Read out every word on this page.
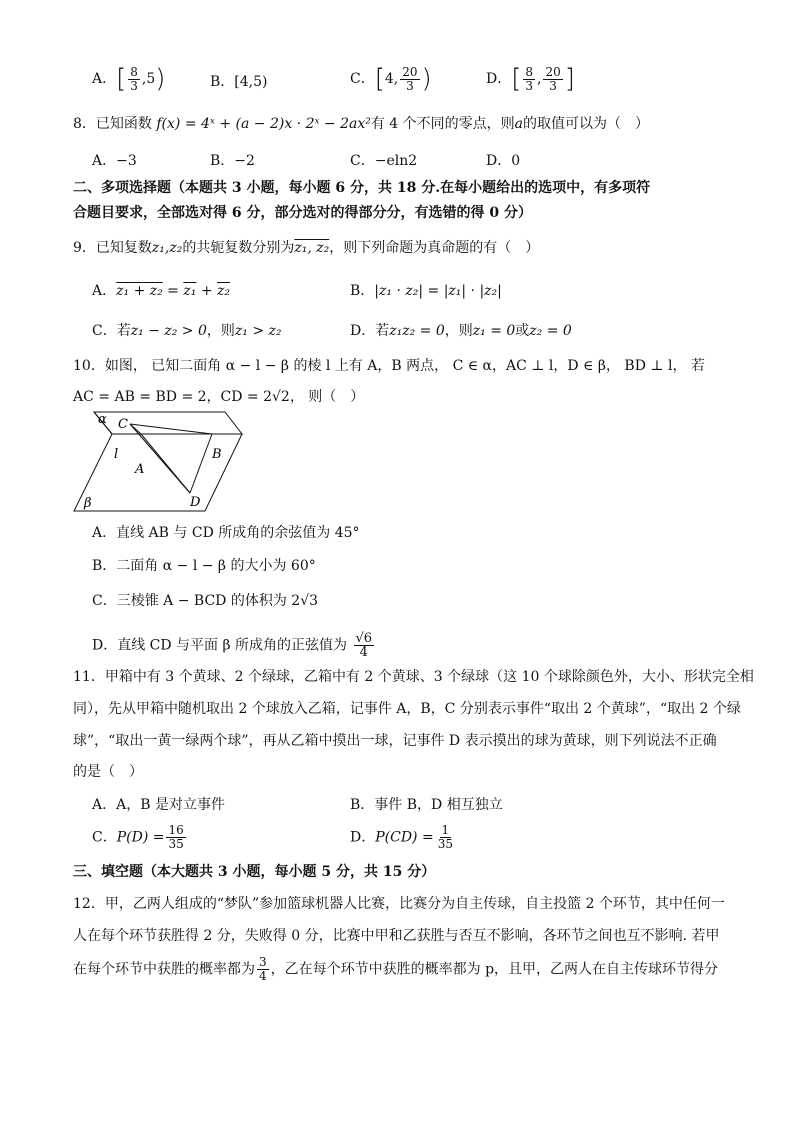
A．[ $\frac{8}{3} ,5$)	B．[4,5)	C．[4, $\frac{20}{3}$ )	D．[ $\frac{8}{3}$ , $\frac{20}{3}$ ]
8．已知函数 f(x) = 4ˣ + (a − 2)x · 2ˣ − 2ax²有 4 个不同的零点，则a的取值可以为（　）
A．−3	B．−2	C．−eln2	D．0
二、多项选择题（本题共 3 小题，每小题 6 分，共 18 分.在每小题给出的选项中，有多项符
合题目要求，全部选对得 6 分，部分选对的得部分分，有选错的得 0 分）
9．已知复数z₁,z₂的共轭复数分别为z₁, z₂，则下列命题为真命题的有（　）
A．z₁ + z₂ = z₁ + z₂	B．|z₁ · z₂| = |z₁| · |z₂|
C．若z₁ − z₂ > 0，则z₁ > z₂	D．若z₁z₂ = 0，则z₁ = 0或z₂ = 0
10．如图， 已知二面角 α − l − β 的棱 l 上有 A，B 两点， C ∈ α，AC ⊥ l，D ∈ β， BD ⊥ l， 若
AC = AB = BD = 2，CD = 2√2， 则（　）
α C
l
A
B
D
β
A．直线 AB 与 CD 所成角的余弦值为 45°
B．二面角 α − l − β 的大小为 60°
C．三棱锥 A − BCD 的体积为 2√3
D．直线 CD 与平面 β 所成角的正弦值为 $\frac{√6}{4}$
11．甲箱中有 3 个黄球、2 个绿球，乙箱中有 2 个黄球、3 个绿球（这 10 个球除颜色外，大小、形状完全相
同），先从甲箱中随机取出 2 个球放入乙箱，记事件 A，B，C 分别表示事件“取出 2 个黄球”，“取出 2 个绿
球”，“取出一黄一绿两个球”，再从乙箱中摸出一球，记事件 D 表示摸出的球为黄球，则下列说法不正确
的是（　）
A．A，B 是对立事件	B．事件 B，D 相互独立
C．$P(D) = \frac{16}{35}$	D．$P(CD) = \frac{1}{35}$
三、填空题（本大题共 3 小题，每小题 5 分，共 15 分）
12．甲，乙两人组成的“梦队”参加篮球机器人比赛，比赛分为自主传球，自主投篮 2 个环节，其中任何一
人在每个环节获胜得 2 分，失败得 0 分，比赛中甲和乙获胜与否互不影响，各环节之间也互不影响. 若甲
在每个环节中获胜的概率都为 $\frac{3}{4}$ ，乙在每个环节中获胜的概率都为 p，且甲，乙两人在自主传球环节得分
